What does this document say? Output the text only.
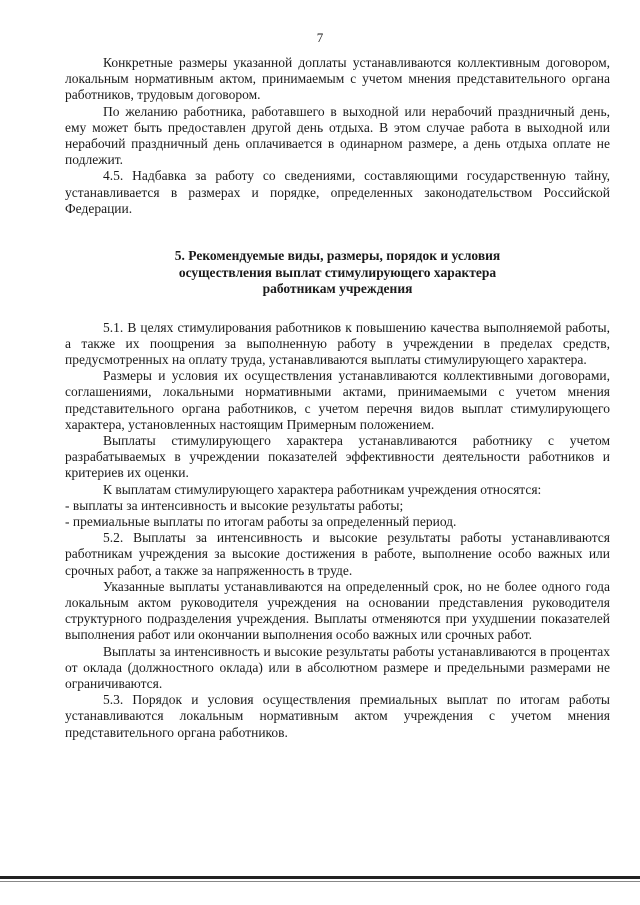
7

Конкретные размеры указанной доплаты устанавливаются коллективным договором, локальным нормативным актом, принимаемым с учетом мнения представительного органа работников, трудовым договором.

По желанию работника, работавшего в выходной или нерабочий праздничный день, ему может быть предоставлен другой день отдыха. В этом случае работа в выходной или нерабочий праздничный день оплачивается в одинарном размере, а день отдыха оплате не подлежит.

4.5. Надбавка за работу со сведениями, составляющими государственную тайну, устанавливается в размерах и порядке, определенных законодательством Российской Федерации.

5. Рекомендуемые виды, размеры, порядок и условия
осуществления выплат стимулирующего характера
работникам учреждения

5.1. В целях стимулирования работников к повышению качества выполняемой работы, а также их поощрения за выполненную работу в учреждении в пределах средств, предусмотренных на оплату труда, устанавливаются выплаты стимулирующего характера.

Размеры и условия их осуществления устанавливаются коллективными договорами, соглашениями, локальными нормативными актами, принимаемыми с учетом мнения представительного органа работников, с учетом перечня видов выплат стимулирующего характера, установленных настоящим Примерным положением.

Выплаты стимулирующего характера устанавливаются работнику с учетом разрабатываемых в учреждении показателей эффективности деятельности работников и критериев их оценки.

К выплатам стимулирующего характера работникам учреждения относятся:

- выплаты за интенсивность и высокие результаты работы;

- премиальные выплаты по итогам работы за определенный период.

5.2. Выплаты за интенсивность и высокие результаты работы устанавливаются работникам учреждения за высокие достижения в работе, выполнение особо важных или срочных работ, а также за напряженность в труде.

Указанные выплаты устанавливаются на определенный срок, но не более одного года локальным актом руководителя учреждения на основании представления руководителя структурного подразделения учреждения. Выплаты отменяются при ухудшении показателей выполнения работ или окончании выполнения особо важных или срочных работ.

Выплаты за интенсивность и высокие результаты работы устанавливаются в процентах от оклада (должностного оклада) или в абсолютном размере и предельными размерами не ограничиваются.

5.3. Порядок и условия осуществления премиальных выплат по итогам работы устанавливаются локальным нормативным актом учреждения с учетом мнения представительного органа работников.
